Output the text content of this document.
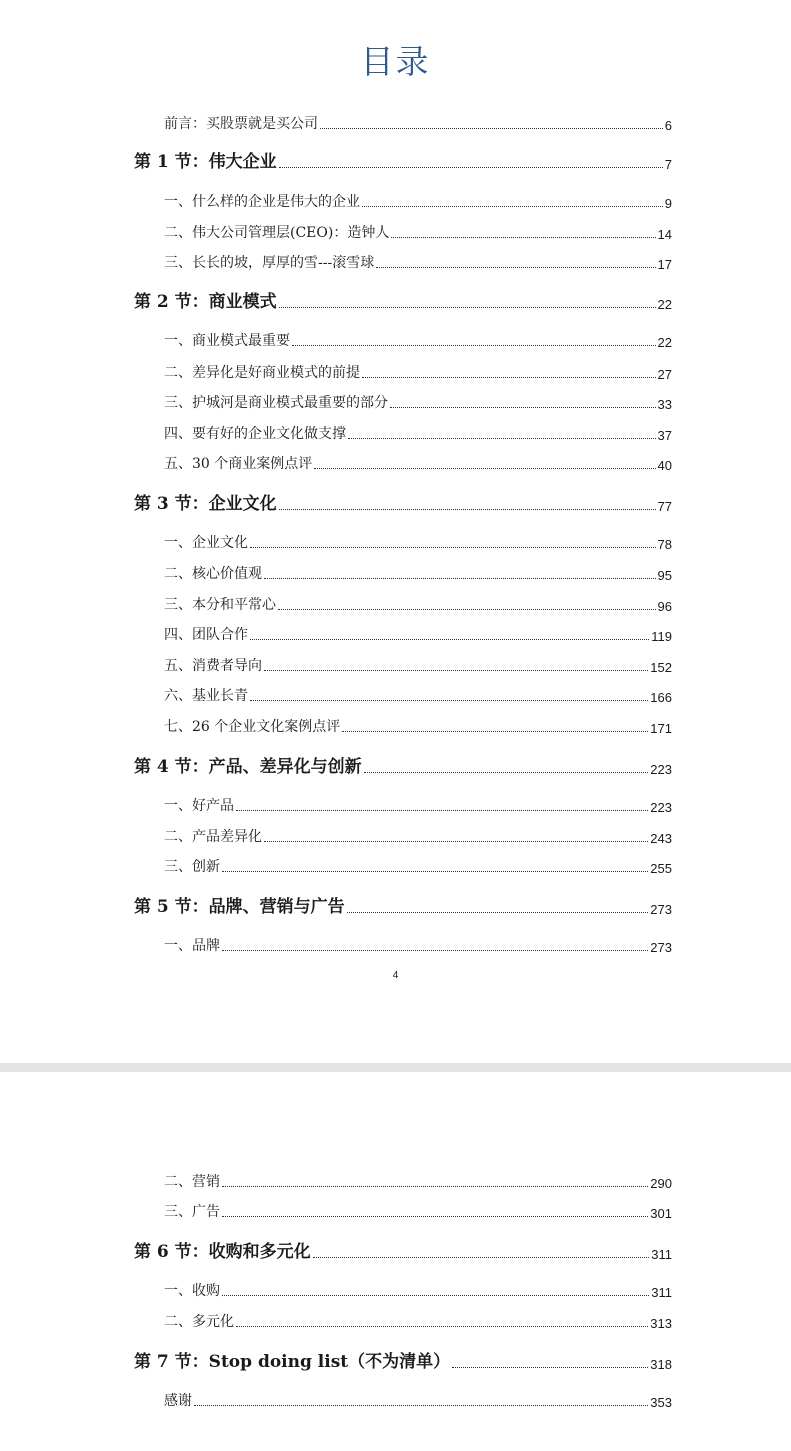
目录
前言：买股票就是买公司	6
第 1 节：伟大企业	7
一、什么样的企业是伟大的企业	9
二、伟大公司管理层(CEO)：造钟人	14
三、长长的坡，厚厚的雪---滚雪球	17
第 2 节：商业模式	22
一、商业模式最重要	22
二、差异化是好商业模式的前提	27
三、护城河是商业模式最重要的部分	33
四、要有好的企业文化做支撑	37
五、30 个商业案例点评	40
第 3 节：企业文化	77
一、企业文化	78
二、核心价值观	95
三、本分和平常心	96
四、团队合作	119
五、消费者导向	152
六、基业长青	166
七、26 个企业文化案例点评	171
第 4 节：产品、差异化与创新	223
一、好产品	223
二、产品差异化	243
三、创新	255
第 5 节：品牌、营销与广告	273
一、品牌	273
4
二、营销	290
三、广告	301
第 6 节：收购和多元化	311
一、收购	311
二、多元化	313
第 7 节：Stop doing list（不为清单）	318
感谢	353
